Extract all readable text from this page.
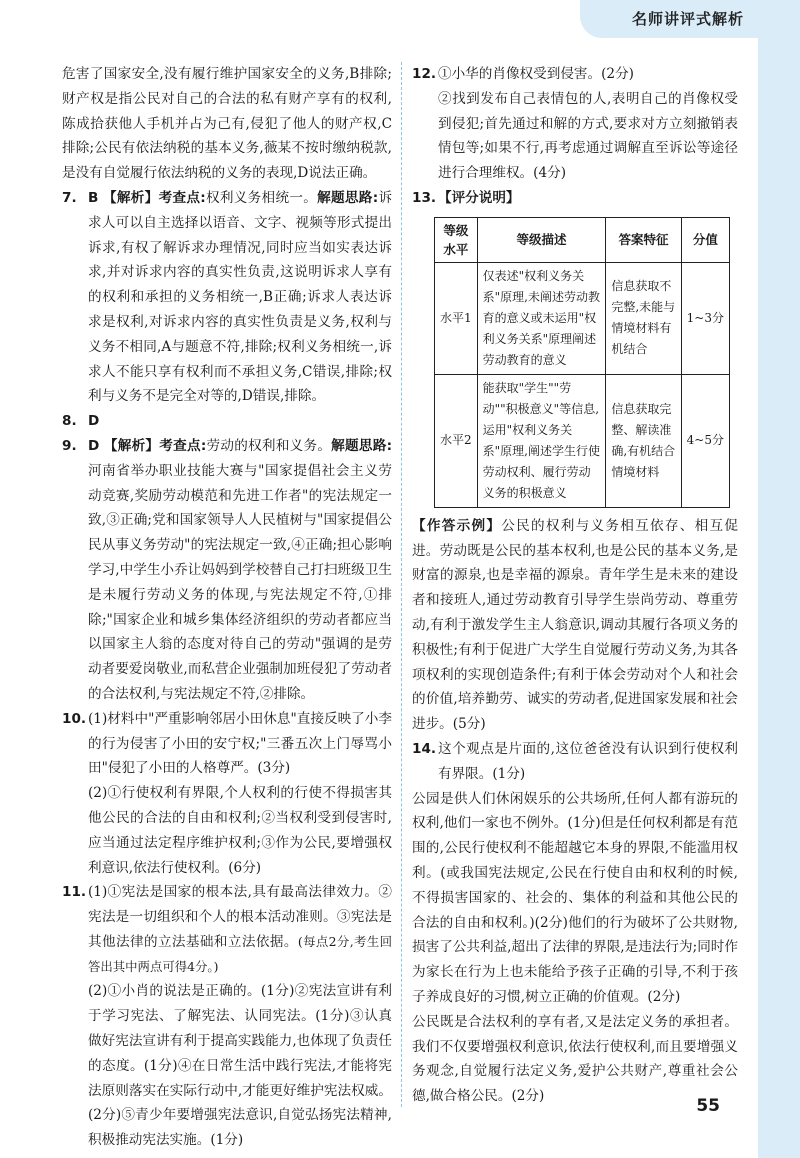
名师讲评式解析

危害了国家安全,没有履行维护国家安全的义务,B排除;财产权是指公民对自己的合法的私有财产享有的权利,陈成拾获他人手机并占为己有,侵犯了他人的财产权,C排除;公民有依法纳税的基本义务,薇某不按时缴纳税款,是没有自觉履行依法纳税的义务的表现,D说法正确。

7. B 【解析】考查点:权利义务相统一。解题思路:诉求人可以自主选择以语音、文字、视频等形式提出诉求,有权了解诉求办理情况,同时应当如实表达诉求,并对诉求内容的真实性负责,这说明诉求人享有的权利和承担的义务相统一,B正确;诉求人表达诉求是权利,对诉求内容的真实性负责是义务,权利与义务不相同,A与题意不符,排除;权利义务相统一,诉求人不能只享有权利而不承担义务,C错误,排除;权利与义务不是完全对等的,D错误,排除。

8. D

9. D 【解析】考查点:劳动的权利和义务。解题思路:河南省举办职业技能大赛与"国家提倡社会主义劳动竞赛,奖励劳动模范和先进工作者"的宪法规定一致,③正确;党和国家领导人人民植树与"国家提倡公民从事义务劳动"的宪法规定一致,④正确;担心影响学习,中学生小乔让妈妈到学校替自己打扫班级卫生是未履行劳动义务的体现,与宪法规定不符,①排除;"国家企业和城乡集体经济组织的劳动者都应当以国家主人翁的态度对待自己的劳动"强调的是劳动者要爱岗敬业,而私营企业强制加班侵犯了劳动者的合法权利,与宪法规定不符,②排除。

10. (1)材料中"严重影响邻居小田休息"直接反映了小李的行为侵害了小田的安宁权;"三番五次上门辱骂小田"侵犯了小田的人格尊严。(3分)

(2)①行使权利有界限,个人权利的行使不得损害其他公民的合法的自由和权利;②当权利受到侵害时,应当通过法定程序维护权利;③作为公民,要增强权利意识,依法行使权利。(6分)

11. (1)①宪法是国家的根本法,具有最高法律效力。②宪法是一切组织和个人的根本活动准则。③宪法是其他法律的立法基础和立法依据。(每点2分,考生回答出其中两点可得4分。)

(2)①小肖的说法是正确的。(1分)②宪法宣讲有利于学习宪法、了解宪法、认同宪法。(1分)③认真做好宪法宣讲有利于提高实践能力,也体现了负责任的态度。(1分)④在日常生活中践行宪法,才能将宪法原则落实在实际行动中,才能更好维护宪法权威。(2分)⑤青少年要增强宪法意识,自觉弘扬宪法精神,积极推动宪法实施。(1分)

12. ①小华的肖像权受到侵害。(2分)

②找到发布自己表情包的人,表明自己的肖像权受到侵犯;首先通过和解的方式,要求对方立刻撤销表情包等;如果不行,再考虑通过调解直至诉讼等途径进行合理维权。(4分)

13. 【评分说明】

等级水平	等级描述	答案特征	分值
水平1	仅表述"权利义务关系"原理,未阐述劳动教育的意义或未运用"权利义务关系"原理阐述劳动教育的意义	信息获取不完整,未能与情境材料有机结合	1~3分
水平2	能获取"学生""劳动""积极意义"等信息,运用"权利义务关系"原理,阐述学生行使劳动权利、履行劳动义务的积极意义	信息获取完整、解读准确,有机结合情境材料	4~5分

【作答示例】公民的权利与义务相互依存、相互促进。劳动既是公民的基本权利,也是公民的基本义务,是财富的源泉,也是幸福的源泉。青年学生是未来的建设者和接班人,通过劳动教育引导学生崇尚劳动、尊重劳动,有利于激发学生主人翁意识,调动其履行各项义务的积极性;有利于促进广大学生自觉履行劳动义务,为其各项权利的实现创造条件;有利于体会劳动对个人和社会的价值,培养勤劳、诚实的劳动者,促进国家发展和社会进步。(5分)

14. 这个观点是片面的,这位爸爸没有认识到行使权利有界限。(1分)

公园是供人们休闲娱乐的公共场所,任何人都有游玩的权利,他们一家也不例外。(1分)但是任何权利都是有范围的,公民行使权利不能超越它本身的界限,不能滥用权利。(或我国宪法规定,公民在行使自由和权利的时候,不得损害国家的、社会的、集体的利益和其他公民的合法的自由和权利。)(2分)他们的行为破坏了公共财物,损害了公共利益,超出了法律的界限,是违法行为;同时作为家长在行为上也未能给予孩子正确的引导,不利于孩子养成良好的习惯,树立正确的价值观。(2分)

公民既是合法权利的享有者,又是法定义务的承担者。我们不仅要增强权利意识,依法行使权利,而且要增强义务观念,自觉履行法定义务,爱护公共财产,尊重社会公德,做合格公民。(2分)	55
